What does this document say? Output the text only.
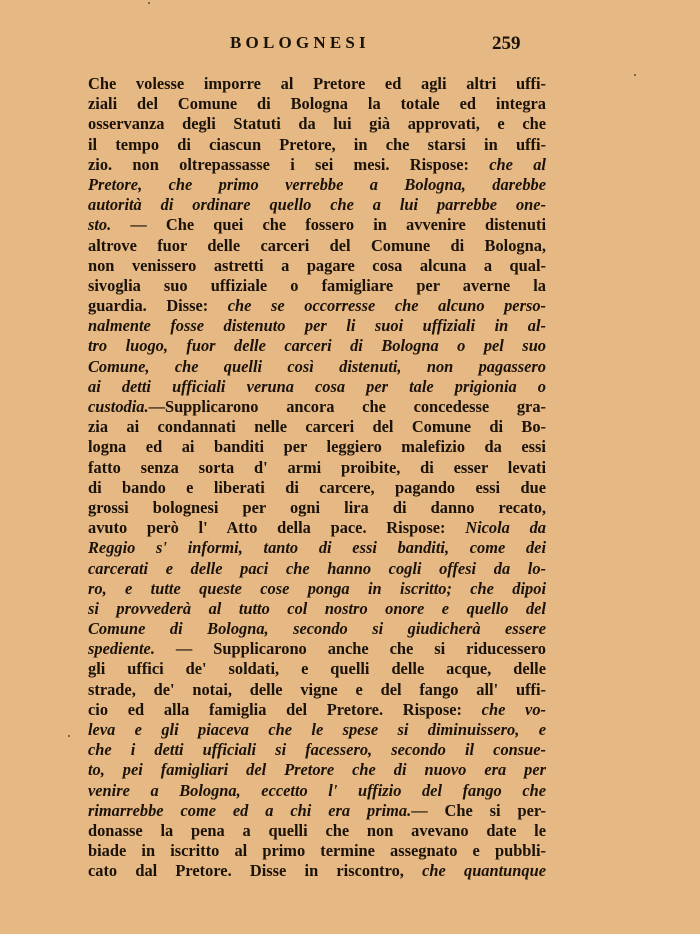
BOLOGNESI	259
Che volesse imporre al Pretore ed agli altri uffi-
ziali del Comune di Bologna la totale ed integra
osservanza degli Statuti da lui già approvati, e che
il tempo di ciascun Pretore, in che starsi in uffi-
zio. non oltrepassasse i sei mesi. Rispose: che al
Pretore, che primo verrebbe a Bologna, darebbe
autorità di ordinare quello che a lui parrebbe one-
sto. — Che quei che fossero in avvenire distenuti
altrove fuor delle carceri del Comune di Bologna,
non venissero astretti a pagare cosa alcuna a qual-
sivoglia suo uffiziale o famigliare per averne la
guardia. Disse: che se occorresse che alcuno perso-
nalmente fosse distenuto per li suoi uffiziali in al-
tro luogo, fuor delle carceri di Bologna o pel suo
Comune, che quelli così distenuti, non pagassero
ai detti ufficiali veruna cosa per tale prigionia o
custodia.—Supplicarono ancora che concedesse gra-
zia ai condannati nelle carceri del Comune di Bo-
logna ed ai banditi per leggiero malefizio da essi
fatto senza sorta d' armi proibite, di esser levati
di bando e liberati di carcere, pagando essi due
grossi bolognesi per ogni lira di danno recato,
avuto però l' Atto della pace. Rispose: Nicola da
Reggio s' informi, tanto di essi banditi, come dei
carcerati e delle paci che hanno cogli offesi da lo-
ro, e tutte queste cose ponga in iscritto; che dipoi
si provvederà al tutto col nostro onore e quello del
Comune di Bologna, secondo si giudicherà essere
spediente. — Supplicarono anche che si riducessero
gli uffici de' soldati, e quelli delle acque, delle
strade, de' notai, delle vigne e del fango all' uffi-
cio ed alla famiglia del Pretore. Rispose: che vo-
leva e gli piaceva che le spese si diminuissero, e
che i detti ufficiali si facessero, secondo il consue-
to, pei famigliari del Pretore che di nuovo era per
venire a Bologna, eccetto l' uffizio del fango che
rimarrebbe come ed a chi era prima.— Che si per-
donasse la pena a quelli che non avevano date le
biade in iscritto al primo termine assegnato e pubbli-
cato dal Pretore. Disse in riscontro, che quantunque
